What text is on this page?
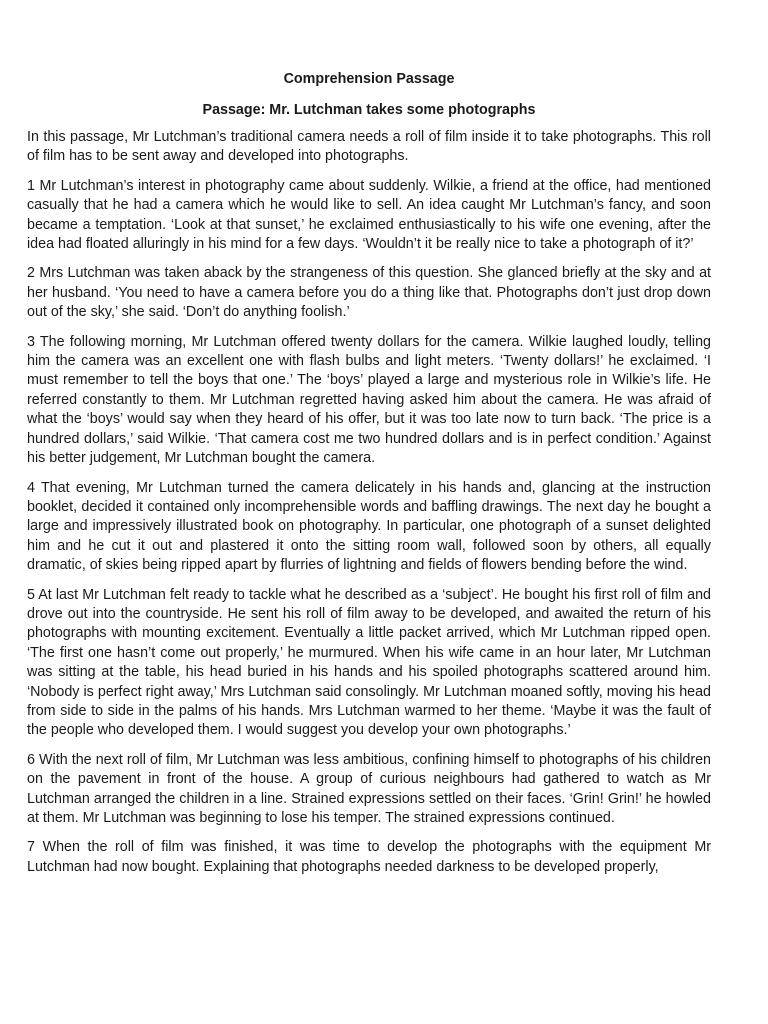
Comprehension Passage
Passage: Mr. Lutchman takes some photographs

In this passage, Mr Lutchman’s traditional camera needs a roll of film inside it to take photographs. This roll of film has to be sent away and developed into photographs.

1 Mr Lutchman’s interest in photography came about suddenly. Wilkie, a friend at the office, had mentioned casually that he had a camera which he would like to sell. An idea caught Mr Lutchman’s fancy, and soon became a temptation. ‘Look at that sunset,’ he exclaimed enthusiastically to his wife one evening, after the idea had floated alluringly in his mind for a few days. ‘Wouldn’t it be really nice to take a photograph of it?’

2 Mrs Lutchman was taken aback by the strangeness of this question. She glanced briefly at the sky and at her husband. ‘You need to have a camera before you do a thing like that. Photographs don’t just drop down out of the sky,’ she said. ‘Don’t do anything foolish.’

3 The following morning, Mr Lutchman offered twenty dollars for the camera. Wilkie laughed loudly, telling him the camera was an excellent one with flash bulbs and light meters. ‘Twenty dollars!’ he exclaimed. ‘I must remember to tell the boys that one.’ The ‘boys’ played a large and mysterious role in Wilkie’s life. He referred constantly to them. Mr Lutchman regretted having asked him about the camera. He was afraid of what the ‘boys’ would say when they heard of his offer, but it was too late now to turn back. ‘The price is a hundred dollars,’ said Wilkie. ‘That camera cost me two hundred dollars and is in perfect condition.’ Against his better judgement, Mr Lutchman bought the camera.

4 That evening, Mr Lutchman turned the camera delicately in his hands and, glancing at the instruction booklet, decided it contained only incomprehensible words and baffling drawings. The next day he bought a large and impressively illustrated book on photography. In particular, one photograph of a sunset delighted him and he cut it out and plastered it onto the sitting room wall, followed soon by others, all equally dramatic, of skies being ripped apart by flurries of lightning and fields of flowers bending before the wind.

5 At last Mr Lutchman felt ready to tackle what he described as a ‘subject’. He bought his first roll of film and drove out into the countryside. He sent his roll of film away to be developed, and awaited the return of his photographs with mounting excitement. Eventually a little packet arrived, which Mr Lutchman ripped open. ‘The first one hasn’t come out properly,’ he murmured. When his wife came in an hour later, Mr Lutchman was sitting at the table, his head buried in his hands and his spoiled photographs scattered around him. ‘Nobody is perfect right away,’ Mrs Lutchman said consolingly. Mr Lutchman moaned softly, moving his head from side to side in the palms of his hands. Mrs Lutchman warmed to her theme. ‘Maybe it was the fault of the people who developed them. I would suggest you develop your own photographs.’

6 With the next roll of film, Mr Lutchman was less ambitious, confining himself to photographs of his children on the pavement in front of the house. A group of curious neighbours had gathered to watch as Mr Lutchman arranged the children in a line. Strained expressions settled on their faces. ‘Grin! Grin!’ he howled at them. Mr Lutchman was beginning to lose his temper. The strained expressions continued.

7 When the roll of film was finished, it was time to develop the photographs with the equipment Mr Lutchman had now bought. Explaining that photographs needed darkness to be developed properly,
